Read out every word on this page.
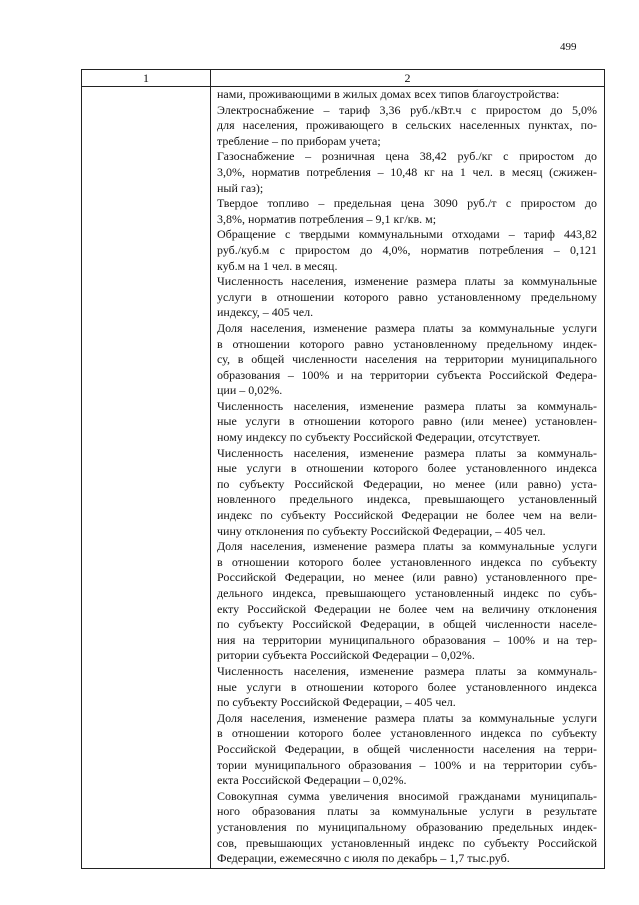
499
1	2
нами, проживающими в жилых домах всех типов благоустройства:
Электроснабжение – тариф 3,36 руб./кВт.ч с приростом до 5,0%
для населения, проживающего в сельских населенных пунктах, по-
требление – по приборам учета;
Газоснабжение – розничная цена 38,42 руб./кг с приростом до
3,0%, норматив потребления – 10,48 кг на 1 чел. в месяц (сжижен-
ный газ);
Твердое топливо – предельная цена 3090 руб./т с приростом до
3,8%, норматив потребления – 9,1 кг/кв. м;
Обращение с твердыми коммунальными отходами – тариф 443,82
руб./куб.м с приростом до 4,0%, норматив потребления – 0,121
куб.м на 1 чел. в месяц.
Численность населения, изменение размера платы за коммунальные
услуги в отношении которого равно установленному предельному
индексу, – 405 чел.
Доля населения, изменение размера платы за коммунальные услуги
в отношении которого равно установленному предельному индек-
су, в общей численности населения на территории муниципального
образования – 100% и на территории субъекта Российской Федера-
ции – 0,02%.
Численность населения, изменение размера платы за коммуналь-
ные услуги в отношении которого равно (или менее) установлен-
ному индексу по субъекту Российской Федерации, отсутствует.
Численность населения, изменение размера платы за коммуналь-
ные услуги в отношении которого более установленного индекса
по субъекту Российской Федерации, но менее (или равно) уста-
новленного предельного индекса, превышающего установленный
индекс по субъекту Российской Федерации не более чем на вели-
чину отклонения по субъекту Российской Федерации, – 405 чел.
Доля населения, изменение размера платы за коммунальные услуги
в отношении которого более установленного индекса по субъекту
Российской Федерации, но менее (или равно) установленного пре-
дельного индекса, превышающего установленный индекс по субъ-
екту Российской Федерации не более чем на величину отклонения
по субъекту Российской Федерации, в общей численности населе-
ния на территории муниципального образования – 100% и на тер-
ритории субъекта Российской Федерации – 0,02%.
Численность населения, изменение размера платы за коммуналь-
ные услуги в отношении которого более установленного индекса
по субъекту Российской Федерации, – 405 чел.
Доля населения, изменение размера платы за коммунальные услуги
в отношении которого более установленного индекса по субъекту
Российской Федерации, в общей численности населения на терри-
тории муниципального образования – 100% и на территории субъ-
екта Российской Федерации – 0,02%.
Совокупная сумма увеличения вносимой гражданами муниципаль-
ного образования платы за коммунальные услуги в результате
установления по муниципальному образованию предельных индек-
сов, превышающих установленный индекс по субъекту Российской
Федерации, ежемесячно с июля по декабрь – 1,7 тыс.руб.
